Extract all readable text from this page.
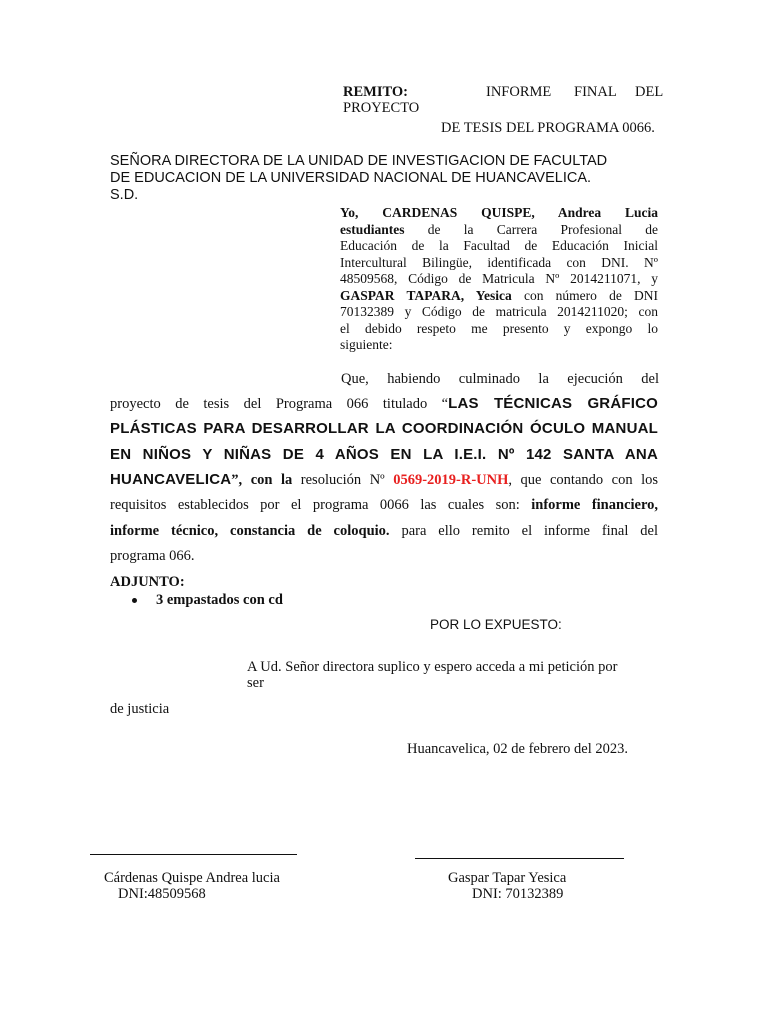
REMITO:	INFORME FINAL DEL
PROYECTO
DE TESIS DEL PROGRAMA 0066.
SEÑORA DIRECTORA DE LA UNIDAD DE INVESTIGACION DE FACULTAD
DE EDUCACION DE LA UNIVERSIDAD NACIONAL DE HUANCAVELICA.
S.D.
Yo, CARDENAS QUISPE, Andrea Lucia
estudiantes de la Carrera Profesional de
Educación de la Facultad de Educación Inicial
Intercultural Bilingüe, identificada con DNI. Nº
48509568, Código de Matricula Nº 2014211071, y
GASPAR TAPARA, Yesica con número de DNI
70132389 y Código de matricula 2014211020; con
el debido respeto me presento y expongo lo
siguiente:
Que, habiendo culminado la ejecución del
proyecto de tesis del Programa 066 titulado “LAS TÉCNICAS GRÁFICO
PLÁSTICAS PARA DESARROLLAR LA COORDINACIÓN ÓCULO MANUAL
EN NIÑOS Y NIÑAS DE 4 AÑOS EN LA I.E.I. Nº 142 SANTA ANA
HUANCAVELICA”, con la resolución Nº 0569-2019-R-UNH, que contando con los
requisitos establecidos por el programa 0066 las cuales son: informe financiero,
informe técnico, constancia de coloquio. para ello remito el informe final del
programa 066.
ADJUNTO:
3 empastados con cd
POR LO EXPUESTO:
A Ud. Señor directora suplico y espero acceda a mi petición por
ser
de justicia
Huancavelica, 02 de febrero del 2023.
Cárdenas Quispe Andrea lucia
DNI:48509568
Gaspar Tapar Yesica
DNI: 70132389
